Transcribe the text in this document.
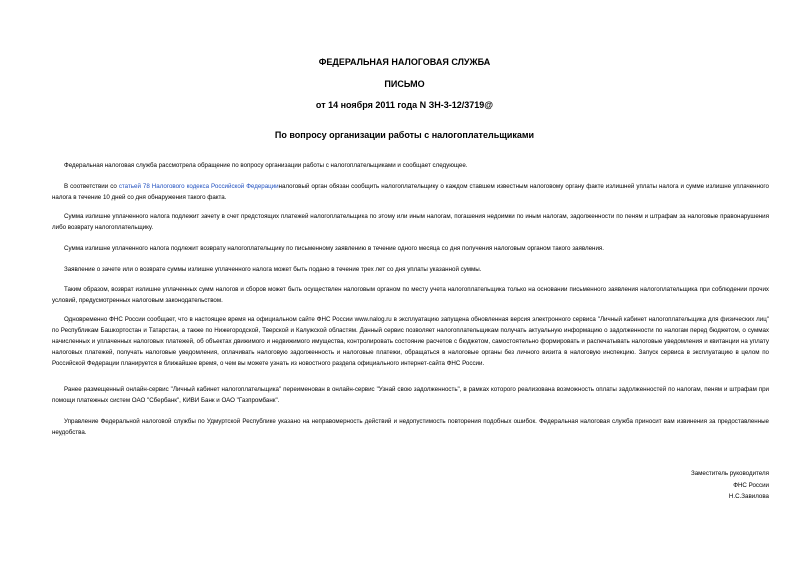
ФЕДЕРАЛЬНАЯ НАЛОГОВАЯ СЛУЖБА
ПИСЬМО
от 14 ноября 2011 года N ЗН-3-12/3719@
По вопросу организации работы с налогоплательщиками

Федеральная налоговая служба рассмотрела обращение по вопросу организации работы с налогоплательщиками и сообщает следующее.

В соответствии со статьей 78 Налогового кодекса Российской Федерацииналоговый орган обязан сообщить налогоплательщику о каждом ставшем известным налоговому органу факте излишней уплаты налога и сумме излишне уплаченного налога в течение 10 дней со дня обнаружения такого факта.

Сумма излишне уплаченного налога подлежит зачету в счет предстоящих платежей налогоплательщика по этому или иным налогам, погашения недоимки по иным налогам, задолженности по пеням и штрафам за налоговые правонарушения либо возврату налогоплательщику.

Сумма излишне уплаченного налога подлежит возврату налогоплательщику по письменному заявлению в течение одного месяца со дня получения налоговым органом такого заявления.

Заявление о зачете или о возврате суммы излишне уплаченного налога может быть подано в течение трех лет со дня уплаты указанной суммы.

Таким образом, возврат излишне уплаченных сумм налогов и сборов может быть осуществлен налоговым органом по месту учета налогоплательщика только на основании письменного заявления налогоплательщика при соблюдении прочих условий, предусмотренных налоговым законодательством.

Одновременно ФНС России сообщает, что в настоящее время на официальном сайте ФНС России www.nalog.ru в эксплуатацию запущена обновленная версия электронного сервиса "Личный кабинет налогоплательщика для физических лиц" по Республикам Башкортостан и Татарстан, а также по Нижегородской, Тверской и Калужской областям. Данный сервис позволяет налогоплательщикам получать актуальную информацию о задолженности по налогам перед бюджетом, о суммах начисленных и уплаченных налоговых платежей, об объектах движимого и недвижимого имущества, контролировать состояние расчетов с бюджетом, самостоятельно формировать и распечатывать налоговые уведомления и квитанции на уплату налоговых платежей, получать налоговые уведомления, оплачивать налоговую задолженность и налоговые платежи, обращаться в налоговые органы без личного визита в налоговую инспекцию. Запуск сервиса в эксплуатацию в целом по Российской Федерации планируется в ближайшее время, о чем вы можете узнать из новостного раздела официального интернет-сайта ФНС России.

Ранее размещенный онлайн-сервис "Личный кабинет налогоплательщика" переименован в онлайн-сервис "Узнай свою задолженность", в рамках которого реализована возможность оплаты задолженностей по налогам, пеням и штрафам при помощи платежных систем ОАО "Сбербанк", КИВИ Банк и ОАО "Газпромбанк".

Управление Федеральной налоговой службы по Удмуртской Республике указано на неправомерность действий и недопустимость повторения подобных ошибок. Федеральная налоговая служба приносит вам извинения за предоставленные неудобства.

Заместитель руководителя
ФНС России
Н.С.Завилова
